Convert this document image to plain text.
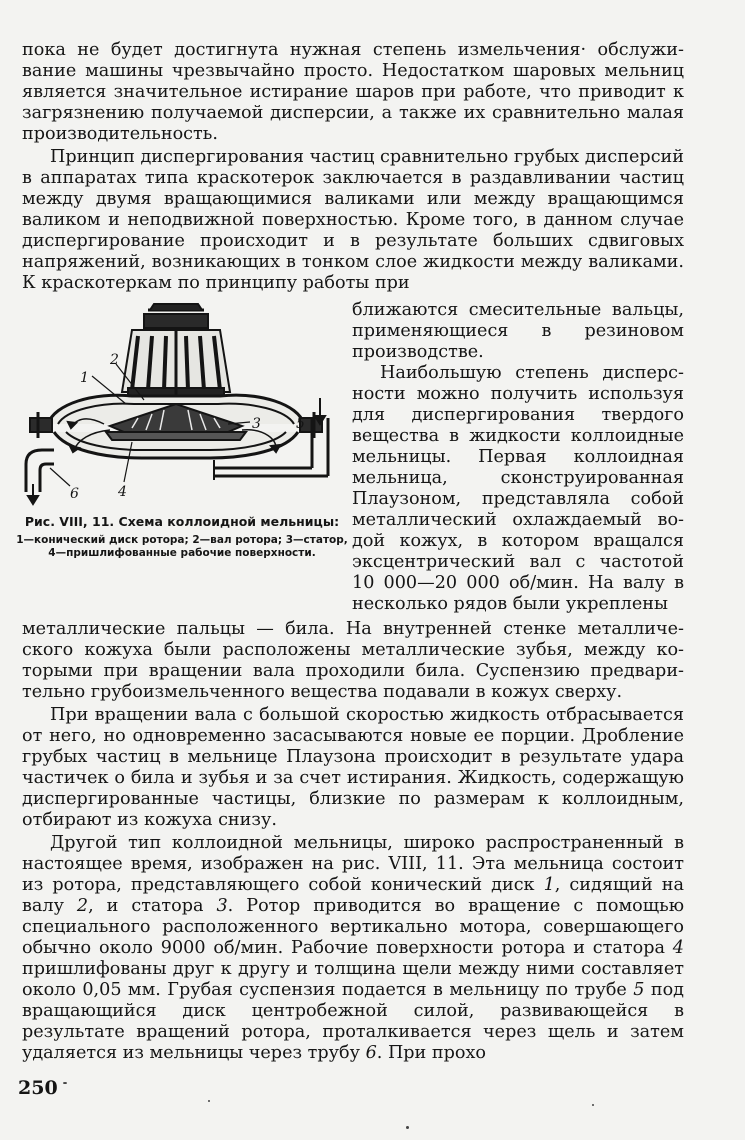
пока не будет достигнута нужная степень измельчения· обслуживание машины чрезвычайно просто. Недостатком шаровых мельниц является значительное истирание шаров при работе, что приводит к загрязнению получаемой дисперсии, а также их сравнительно малая производительность.

Принцип диспергирования частиц сравнительно грубых дисперсий в аппаратах типа краскотерок заключается в раздавливании частиц между двумя вращающимися валиками или между вращающимся валиком и неподвижной поверхностью. Кроме того, в данном случае диспергирование происходит и в результате больших сдвиговых напряжений, возникающих в тонком слое жидкости между валиками. К краскотеркам по принципу работы при

1
2
3
4
5
6
Рис. VIII, 11. Схема коллоидной мельницы:
1—конический диск ротора; 2—вал ротора; 3—статор, 4—пришлифованные рабочие поверхности.

ближаются смесительные вальцы, применяющиеся в резиновом производстве.

Наибольшую степень дисперсности можно получить используя для диспергирования твердого вещества в жидкости коллоидные мельницы. Первая коллоидная мельница, сконструированная Плаузоном, представляла собой металлический охлаждаемый водой кожух, в котором вращался эксцентрический вал с частотой 10 000—20 000 об/мин. На валу в несколько рядов были укреплены

металлические пальцы — била. На внутренней стенке металлического кожуха были расположены металлические зубья, между которыми при вращении вала проходили била. Суспензию предварительно грубоизмельченного вещества подавали в кожух сверху.

При вращении вала с большой скоростью жидкость отбрасывается от него, но одновременно засасываются новые ее порции. Дробление грубых частиц в мельнице Плаузона происходит в результате удара частичек о била и зубья и за счет истирания. Жидкость, содержащую диспергированные частицы, близкие по размерам к коллоидным, отбирают из кожуха снизу.

Другой тип коллоидной мельницы, широко распространенный в настоящее время, изображен на рис. VIII, 11. Эта мельница состоит из ротора, представляющего собой конический диск 1, сидящий на валу 2, и статора 3. Ротор приводится во вращение с помощью специального расположенного вертикально мотора, совершающего обычно около 9000 об/мин. Рабочие поверхности ротора и статора 4 пришлифованы друг к другу и толщина щели между ними составляет около 0,05 мм. Грубая суспензия подается в мельницу по трубе 5 под вращающийся диск центробежной силой, развивающейся в результате вращений ротора, проталкивается через щель и затем удаляется из мельницы через трубу 6. При прохо

250
